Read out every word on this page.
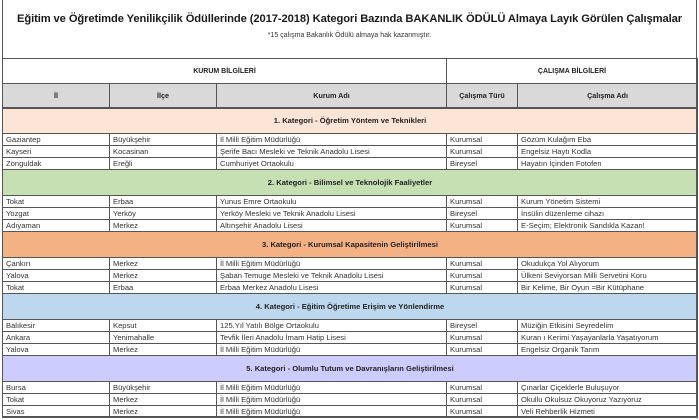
Eğitim ve Öğretimde Yenilikçilik Ödüllerinde (2017-2018) Kategori Bazında BAKANLIK ÖDÜLÜ Almaya Layık Görülen Çalışmalar
*15 çalışma Bakanlık Ödülü almaya hak kazanmıştır.
KURUM BİLGİLERİ			ÇALIŞMA BİLGİLERİ	
İl	İlçe	Kurum Adı	Çalışma Türü	Çalışma Adı
1. Kategori - Öğretim Yöntem ve Teknikleri				
Gaziantep	Büyükşehir	İl Milli Eğitim Müdürlüğü	Kurumsal	Gözüm Kulağım Eba
Kayseri	Kocasinan	Şerife Bacı Mesleki ve Teknik Anadolu Lisesi	Kurumsal	Engelsiz Haytı Kodla
Zonguldak	Ereğli	Cumhuriyet Ortaokulu	Bireysel	Hayatın İçinden Fotofen
2. Kategori - Bilimsel ve Teknolojik Faaliyetler				
Tokat	Erbaa	Yunus Emre Ortaokulu	Kurumsal	Kurum Yönetim Sistemi
Yozgat	Yerköy	Yerköy Mesleki ve Teknik Anadolu Lisesi	Bireysel	İnsülin düzenleme cihazı
Adıyaman	Merkez	Altınşehir Anadolu Lisesi	Kurumsal	E-Seçim; Elektronik Sandıkla Kazan!
3. Kategori - Kurumsal Kapasitenin Geliştirilmesi				
Çankırı	Merkez	İl Milli Eğitim Müdürlüğü	Kurumsal	Okudukça Yol Alıyorum
Yalova	Merkez	Şaban Temuge Mesleki ve Teknik Anadolu Lisesi	Kurumsal	Ülkeni Seviyorsan Milli Servetini Koru
Tokat	Erbaa	Erbaa Merkez Anadolu Lisesi	Kurumsal	Bir Kelime, Bir Oyun =Bir Kütüphane
4. Kategori - Eğitim Öğretime Erişim ve Yönlendirme				
Balıkesir	Kepsut	125.Yıl Yatılı Bölge Ortaokulu	Bireysel	Müziğin Etkisini Seyredelim
Ankara	Yenimahalle	Tevfik İleri Anadolu İmam Hatip Lisesi	Kurumsal	Kuran ı Kerimi Yaşayanlarla Yaşatıyorum
Yalova	Merkez	İl Milli Eğitim Müdürlüğü	Kurumsal	Engelsiz Organik Tarım
5. Kategori - Olumlu Tutum ve Davranışların Geliştirilmesi				
Bursa	Büyükşehir	İl Milli Eğitim Müdürlüğü	Kurumsal	Çınarlar Çiçeklerle Buluşuyor
Tokat	Merkez	İl Milli Eğitim Müdürlüğü	Kurumsal	Okullu Okulsuz Okuyoruz Yazıyoruz
Sivas	Merkez	İl Milli Eğitim Müdürlüğü	Kurumsal	Veli Rehberlik Hizmeti
